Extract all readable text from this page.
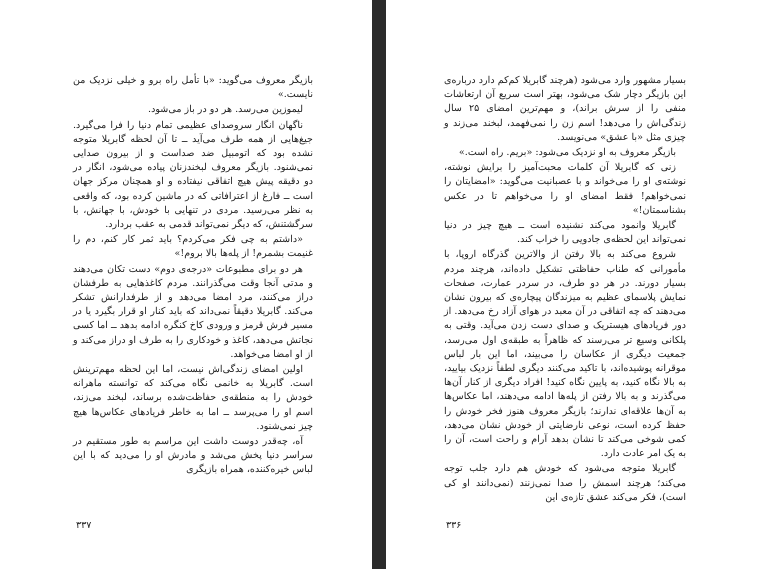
بازیگر معروف می‌گوید: «با تأمل راه برو و خیلی نزدیک من نایست.»

لیموزین می‌رسد. هر دو در باز می‌شود.

ناگهان انگار سروصدای عظیمی تمام دنیا را فرا می‌گیرد. جیغ‌هایی از همه طرف می‌آید ــ تا آن لحظه گابریلا متوجه نشده بود که اتومبیل ضد صداست و از بیرون صدایی نمی‌شنود. بازیگر معروف لبخندزنان پیاده می‌شود، انگار در دو دقیقه پیش هیچ اتفاقی نیفتاده و او همچنان مرکز جهان است ــ فارغ از اعترافاتی که در ماشین کرده بود، که واقعی به نظر می‌رسید. مردی در تنهایی با خودش، با جهانش، با سرگشتنش، که دیگر نمی‌تواند قدمی به عقب بردارد.

«داشتم به چی فکر می‌کردم؟ باید ثمر کار کنم، دم را غنیمت بشمرم! از پله‌ها بالا برو‌م!»

هر دو برای مطبوعات «درجه‌ی دوم» دست تکان می‌دهند و مدتی آنجا وقت می‌گذرانند. مردم کاغذهایی به طرفشان دراز می‌کنند، مرد امضا می‌دهد و از طرفدارانش تشکر می‌کند. گابریلا دقیقاً نمی‌داند که باید کنار او قرار بگیرد یا در مسیر فرش قرمز و ورودی کاخ کنگره ادامه بدهد ــ اما کسی نجاتش می‌دهد، کاغذ و خودکاری را به طرف او دراز می‌کند و از او امضا می‌خواهد.

اولین امضای زندگی‌اش نیست، اما این لحظه مهم‌ترینش است. گابریلا به خانمی نگاه می‌کند که توانسته ماهرانه خودش را به منطقه‌ی حفاظت‌شده برساند، لبخند می‌زند، اسم او را می‌پرسد ــ اما به خاطر فریادهای عکاس‌ها هیچ چیز نمی‌شنود.

آه، چه‌قدر دوست داشت این مراسم به طور مستقیم در سراسر دنیا پخش می‌شد و مادرش او را می‌دید که با این لباس خیره‌کننده، همراه بازیگری

۳۳۷

بسیار مشهور وارد می‌شود (هرچند گابریلا کم‌کم دارد درباره‌ی این بازیگر دچار شک می‌شود، بهتر است سریع آن ارتعاشات منفی را از سرش براند)، و مهم‌ترین امضای ۲۵ سال زندگی‌اش را می‌دهد! اسم زن را نمی‌فهمد، لبخند می‌زند و چیزی مثل «با عشق» می‌نویسد.

بازیگر معروف به او نزدیک می‌شود: «بریم. راه است.»

زنی که گابریلا آن کلمات محبت‌آمیز را برایش نوشته، نوشته‌ی او را می‌خواند و با عصبانیت می‌گوید: «امضایتان را نمی‌خواهم! فقط امضای او را می‌خواهم تا در عکس بشناسمتان!»

گابریلا وانمود می‌کند نشنیده است ــ هیچ چیز در دنیا نمی‌تواند این لحظه‌ی جادویی را خراب کند.

شروع می‌کند به بالا رفتن از والاترین گذرگاه اروپا، با مأمورانی که طناب حفاظتی تشکیل داده‌اند، هرچند مردم بسیار دورند. در هر دو طرف، در سردر عمارت، صفحات نمایش پلاسمای عظیم به میزندگان پیچاره‌ی که بیرون نشان می‌دهند که چه اتفاقی در آن معبد در هوای آزاد رخ می‌دهد. از دور فریادهای هیستریک و صدای دست زدن می‌آید. وقتی به پلکانی وسیع تر می‌رسند که ظاهراً به طبقه‌ی اول می‌رسد، جمعیت دیگری از عکاسان را می‌بیند، اما این بار لباس موقرانه پوشیده‌اند، با تاکید می‌کنند دیگری لطفاً نزدیک بیایید، به بالا نگاه کنید، به پایین نگاه کنید! افراد دیگری از کنار آن‌ها می‌گذرند و به بالا رفتن از پله‌ها ادامه می‌دهند، اما عکاس‌ها به آن‌ها علاقه‌ای ندارند؛ بازیگر معروف هنوز فخر خودش را حفظ کرده است، نوعی نارضایتی از خودش نشان می‌دهد، کمی شوخی می‌کند تا نشان بدهد آرام و راحت است، آن را به یک امر عادت دارد.

گابریلا متوجه می‌شود که خودش هم دارد جلب توجه می‌کند؛ هرچند اسمش را صدا نمی‌زنند (نمی‌دانند او کی است)، فکر می‌کند عشق تازه‌ی این

۳۳۶
